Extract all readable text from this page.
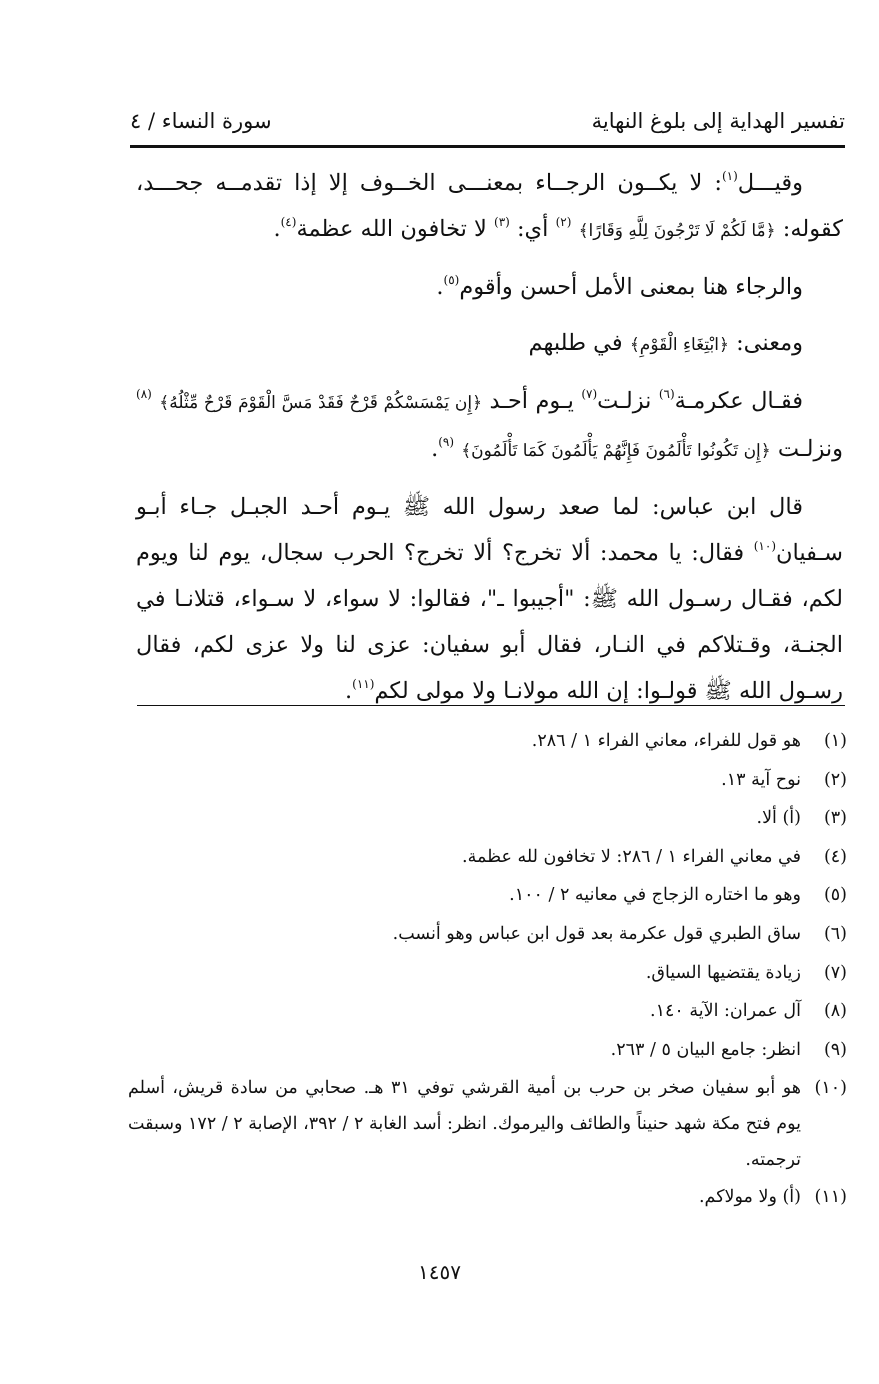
تفسير الهداية إلى بلوغ النهاية
سورة النساء / ٤

وقيـــل$^{(١)}$: لا يكــون الرجــاء بمعنـــى الخــوف إلا إذا تقدمــه جحـــد، كقوله: ﴿مَّا لَكُمْ لَا تَرْجُونَ لِلَّهِ وَقَارًا﴾ $^{(٢)}$ أي: $^{(٣)}$ لا تخافون الله عظمة$^{(٤)}$.

والرجاء هنا بمعنى الأمل أحسن وأقوم$^{(٥)}$.

ومعنى: ﴿ابْتِغَاءِ الْقَوْمِ﴾ في طلبهم

فقـال عكرمـة$^{(٦)}$ نزلـت$^{(٧)}$ يـوم أحـد ﴿إِن يَمْسَسْكُمْ قَرْحٌ فَقَدْ مَسَّ الْقَوْمَ قَرْحٌ مِّثْلُهُ﴾ $^{(٨)}$ ونزلـت ﴿إِن تَكُونُوا تَأْلَمُونَ فَإِنَّهُمْ يَأْلَمُونَ كَمَا تَأْلَمُونَ﴾ $^{(٩)}$.

قال ابن عباس: لما صعد رسول الله ﷺ يـوم أحـد الجبـل جـاء أبـو سـفيان$^{(١٠)}$ فقال: يا محمد: ألا تخرج؟ ألا تخرج؟ الحرب سجال، يوم لنا ويوم لكم، فقـال رسـول الله ﷺ: "أجيبوا ـ"، فقالوا: لا سواء، لا سـواء، قتلانـا في الجنـة، وقـتلاكم في النـار، فقال أبو سفيان: عزى لنا ولا عزى لكم، فقال رسـول الله ﷺ قولـوا: إن الله مولانـا ولا مولى لكم$^{(١١)}$.

(١)
هو قول للفراء، معاني الفراء ١ / ٢٨٦.
(٢)
نوح آية ١٣.
(٣)
(أ) ألا.
(٤)
في معاني الفراء ١ / ٢٨٦: لا تخافون لله عظمة.
(٥)
وهو ما اختاره الزجاج في معانيه ٢ / ١٠٠.
(٦)
ساق الطبري قول عكرمة بعد قول ابن عباس وهو أنسب.
(٧)
زيادة يقتضيها السياق.
(٨)
آل عمران: الآية ١٤٠.
(٩)
انظر: جامع البيان ٥ / ٢٦٣.
(١٠)
هو أبو سفيان صخر بن حرب بن أمية القرشي توفي ٣١ هـ. صحابي من سادة قريش، أسلم يوم فتح مكة شهد حنيناً والطائف واليرموك. انظر: أسد الغابة ٢ / ٣٩٢، الإصابة ٢ / ١٧٢ وسبقت ترجمته.
(١١)
(أ) ولا مولاكم.
١٤٥٧
